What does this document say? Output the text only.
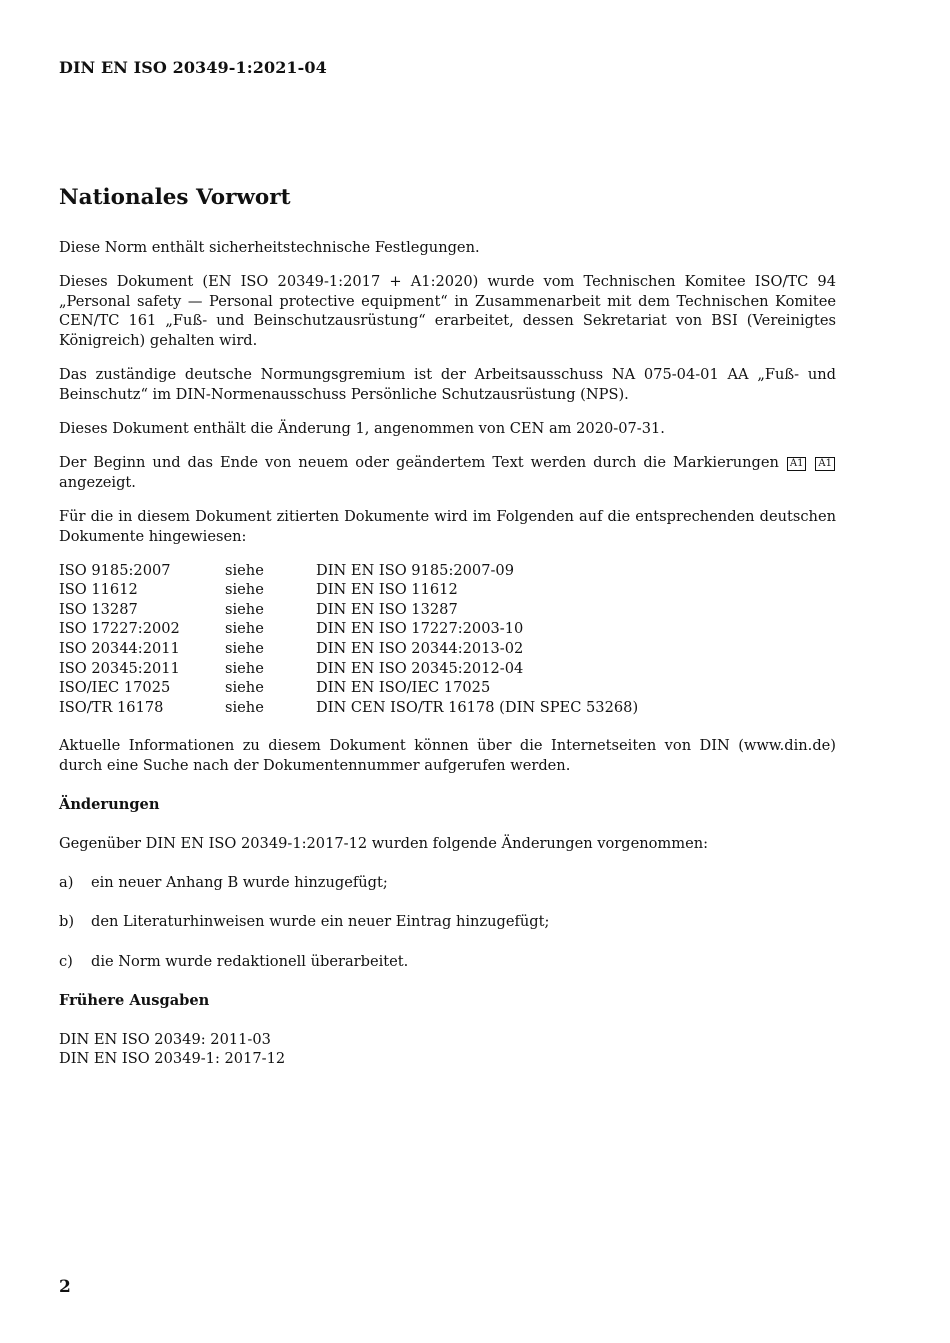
DIN EN ISO 20349-1:2021-04
Nationales Vorwort

Diese Norm enthält sicherheitstechnische Festlegungen.

Dieses Dokument (EN ISO 20349-1:2017 + A1:2020) wurde vom Technischen Komitee ISO/TC 94 „Personal safety — Personal protective equipment“ in Zusammenarbeit mit dem Technischen Komitee CEN/TC 161 „Fuß- und Beinschutzausrüstung“ erarbeitet, dessen Sekretariat von BSI (Vereinigtes Königreich) gehalten wird.

Das zuständige deutsche Normungsgremium ist der Arbeitsausschuss NA 075-04-01 AA „Fuß- und Beinschutz“ im DIN-Normenausschuss Persönliche Schutzausrüstung (NPS).

Dieses Dokument enthält die Änderung 1, angenommen von CEN am 2020-07-31.

Der Beginn und das Ende von neuem oder geändertem Text werden durch die Markierungen A1 A1 angezeigt.

Für die in diesem Dokument zitierten Dokumente wird im Folgenden auf die entsprechenden deutschen Dokumente hingewiesen:

ISO 9185:2007	siehe	DIN EN ISO 9185:2007-09
ISO 11612	siehe	DIN EN ISO 11612
ISO 13287	siehe	DIN EN ISO 13287
ISO 17227:2002	siehe	DIN EN ISO 17227:2003-10
ISO 20344:2011	siehe	DIN EN ISO 20344:2013-02
ISO 20345:2011	siehe	DIN EN ISO 20345:2012-04
ISO/IEC 17025	siehe	DIN EN ISO/IEC 17025
ISO/TR 16178	siehe	DIN CEN ISO/TR 16178 (DIN SPEC 53268)

Aktuelle Informationen zu diesem Dokument können über die Internetseiten von DIN (www.din.de) durch eine Suche nach der Dokumentennummer aufgerufen werden.

Änderungen
Gegenüber DIN EN ISO 20349-1:2017-12 wurden folgende Änderungen vorgenommen:
a)	ein neuer Anhang B wurde hinzugefügt;
b)	den Literaturhinweisen wurde ein neuer Eintrag hinzugefügt;
c)	die Norm wurde redaktionell überarbeitet.
Frühere Ausgaben
DIN EN ISO 20349: 2011-03
DIN EN ISO 20349-1: 2017-12
2
